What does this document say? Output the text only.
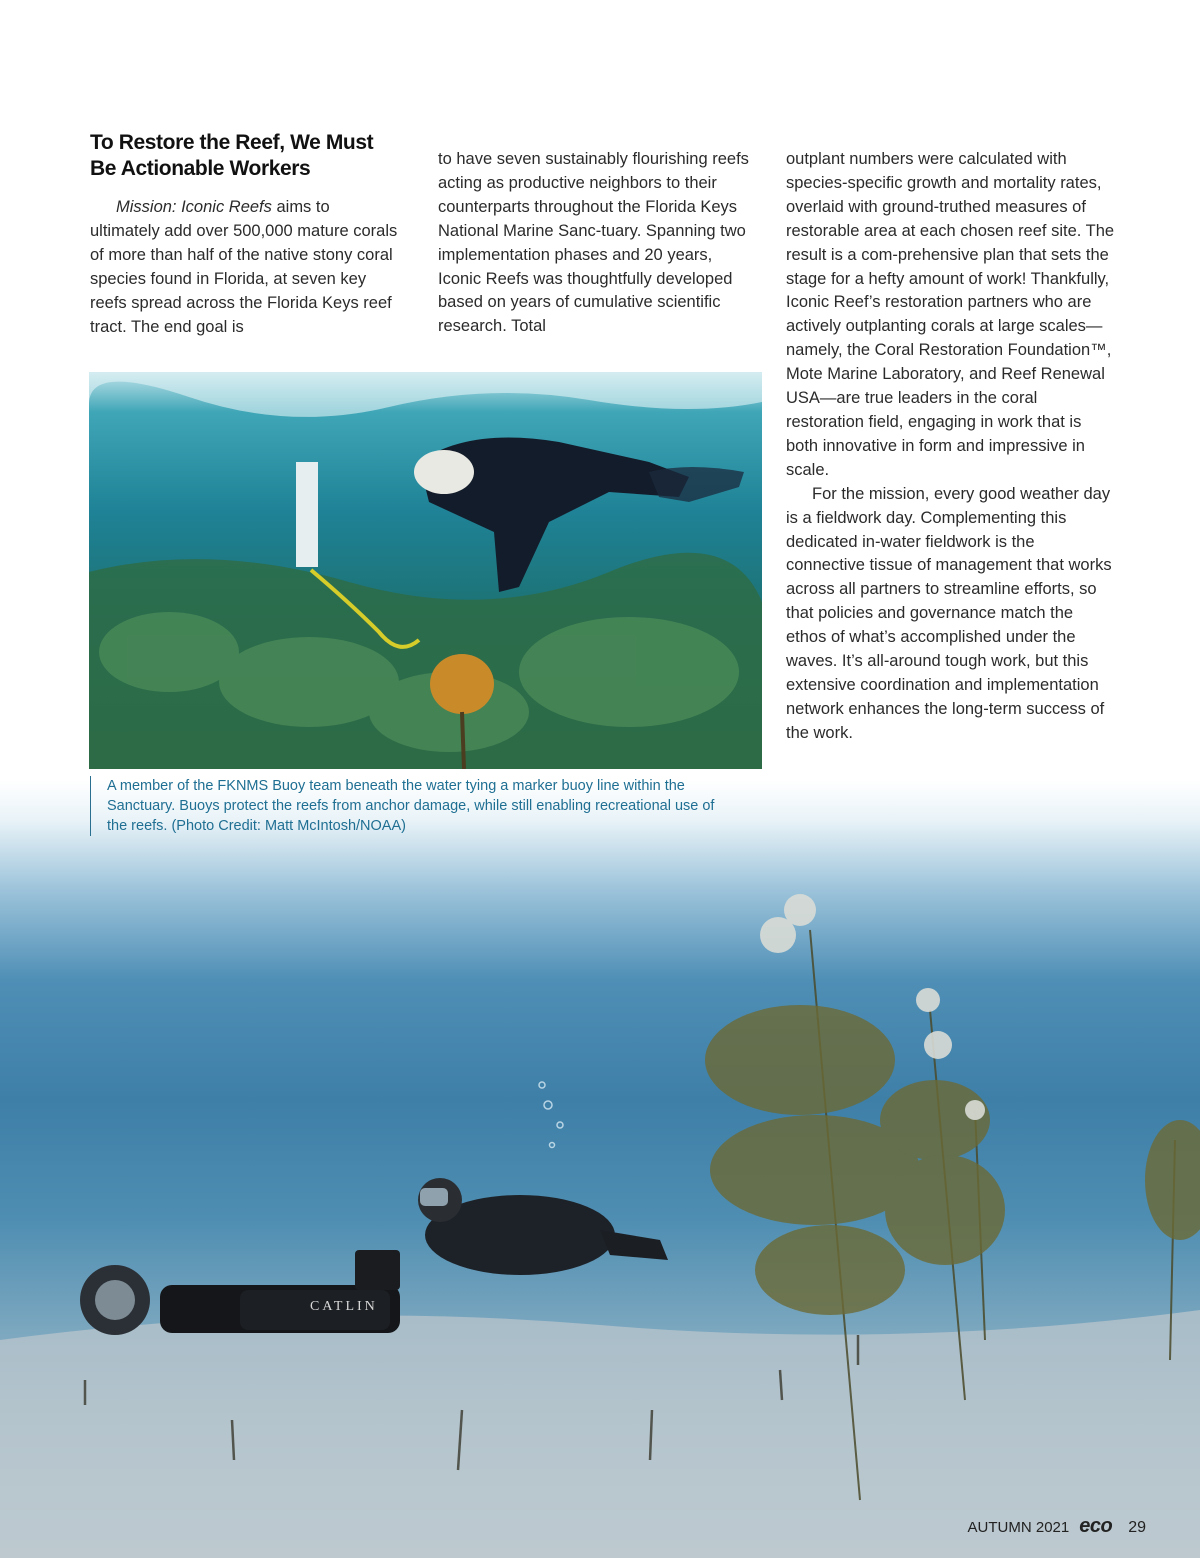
CATLIN
To Restore the Reef, We Must Be Actionable Workers

Mission: Iconic Reefs aims to ultimately add over 500,000 mature corals of more than half of the native stony coral species found in Florida, at seven key reefs spread across the Florida Keys reef tract. The end goal is

to have seven sustainably flourishing reefs acting as productive neighbors to their counterparts throughout the Florida Keys National Marine Sanc-tuary. Spanning two implementation phases and 20 years, Iconic Reefs was thoughtfully developed based on years of cumulative scientific research. Total

outplant numbers were calculated with species-specific growth and mortality rates, overlaid with ground-truthed measures of restorable area at each chosen reef site. The result is a com-prehensive plan that sets the stage for a hefty amount of work! Thankfully, Iconic Reef’s restoration partners who are actively outplanting corals at large scales—namely, the Coral Restoration Foundation™, Mote Marine Laboratory, and Reef Renewal USA—are true leaders in the coral restoration field, engaging in work that is both innovative in form and impressive in scale.

For the mission, every good weather day is a fieldwork day. Complementing this dedicated in-water fieldwork is the connective tissue of management that works across all partners to streamline efforts, so that policies and governance match the ethos of what’s accomplished under the waves. It’s all-around tough work, but this extensive coordination and implementation network enhances the long-term success of the work.

A member of the FKNMS Buoy team beneath the water tying a marker buoy line within the Sanctuary. Buoys protect the reefs from anchor damage, while still enabling recreational use of the reefs. (Photo Credit: Matt McIntosh/NOAA)
AUTUMN 2021 eco 29
